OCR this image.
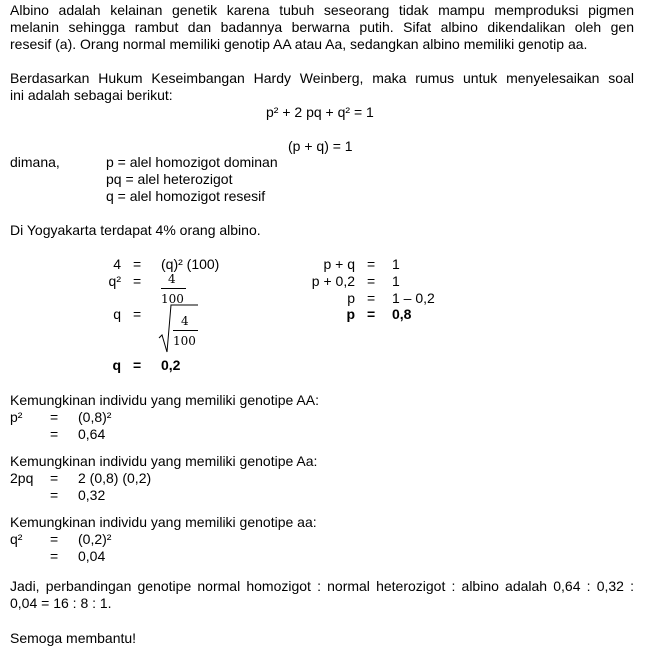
Albino adalah kelainan genetik karena tubuh seseorang tidak mampu memproduksi pigmen
melanin sehingga rambut dan badannya berwarna putih. Sifat albino dikendalikan oleh gen
resesif (a). Orang normal memiliki genotip AA atau Aa, sedangkan albino memiliki genotip aa.
Berdasarkan Hukum Keseimbangan Hardy Weinberg, maka rumus untuk menyelesaikan soal
ini adalah sebagai berikut:
p² + 2 pq + q² = 1
(p + q) = 1
dimana,	p = alel homozigot dominan
pq = alel heterozigot
q = alel homozigot resesif
Di Yogyakarta terdapat 4% orang albino.
4 = (q)² (100)
q² = 4
100
q =	4
100
q = 0,2
p + q = 1
p + 0,2 = 1
p = 1 – 0,2
p = 0,8
Kemungkinan individu yang memiliki genotipe AA:
p² = (0,8)²
= 0,64
Kemungkinan individu yang memiliki genotipe Aa:
2pq = 2 (0,8) (0,2)
= 0,32
Kemungkinan individu yang memiliki genotipe aa:
q² = (0,2)²
= 0,04
Jadi, perbandingan genotipe normal homozigot : normal heterozigot : albino adalah 0,64 : 0,32 :
0,04 = 16 : 8 : 1.
Semoga membantu!
